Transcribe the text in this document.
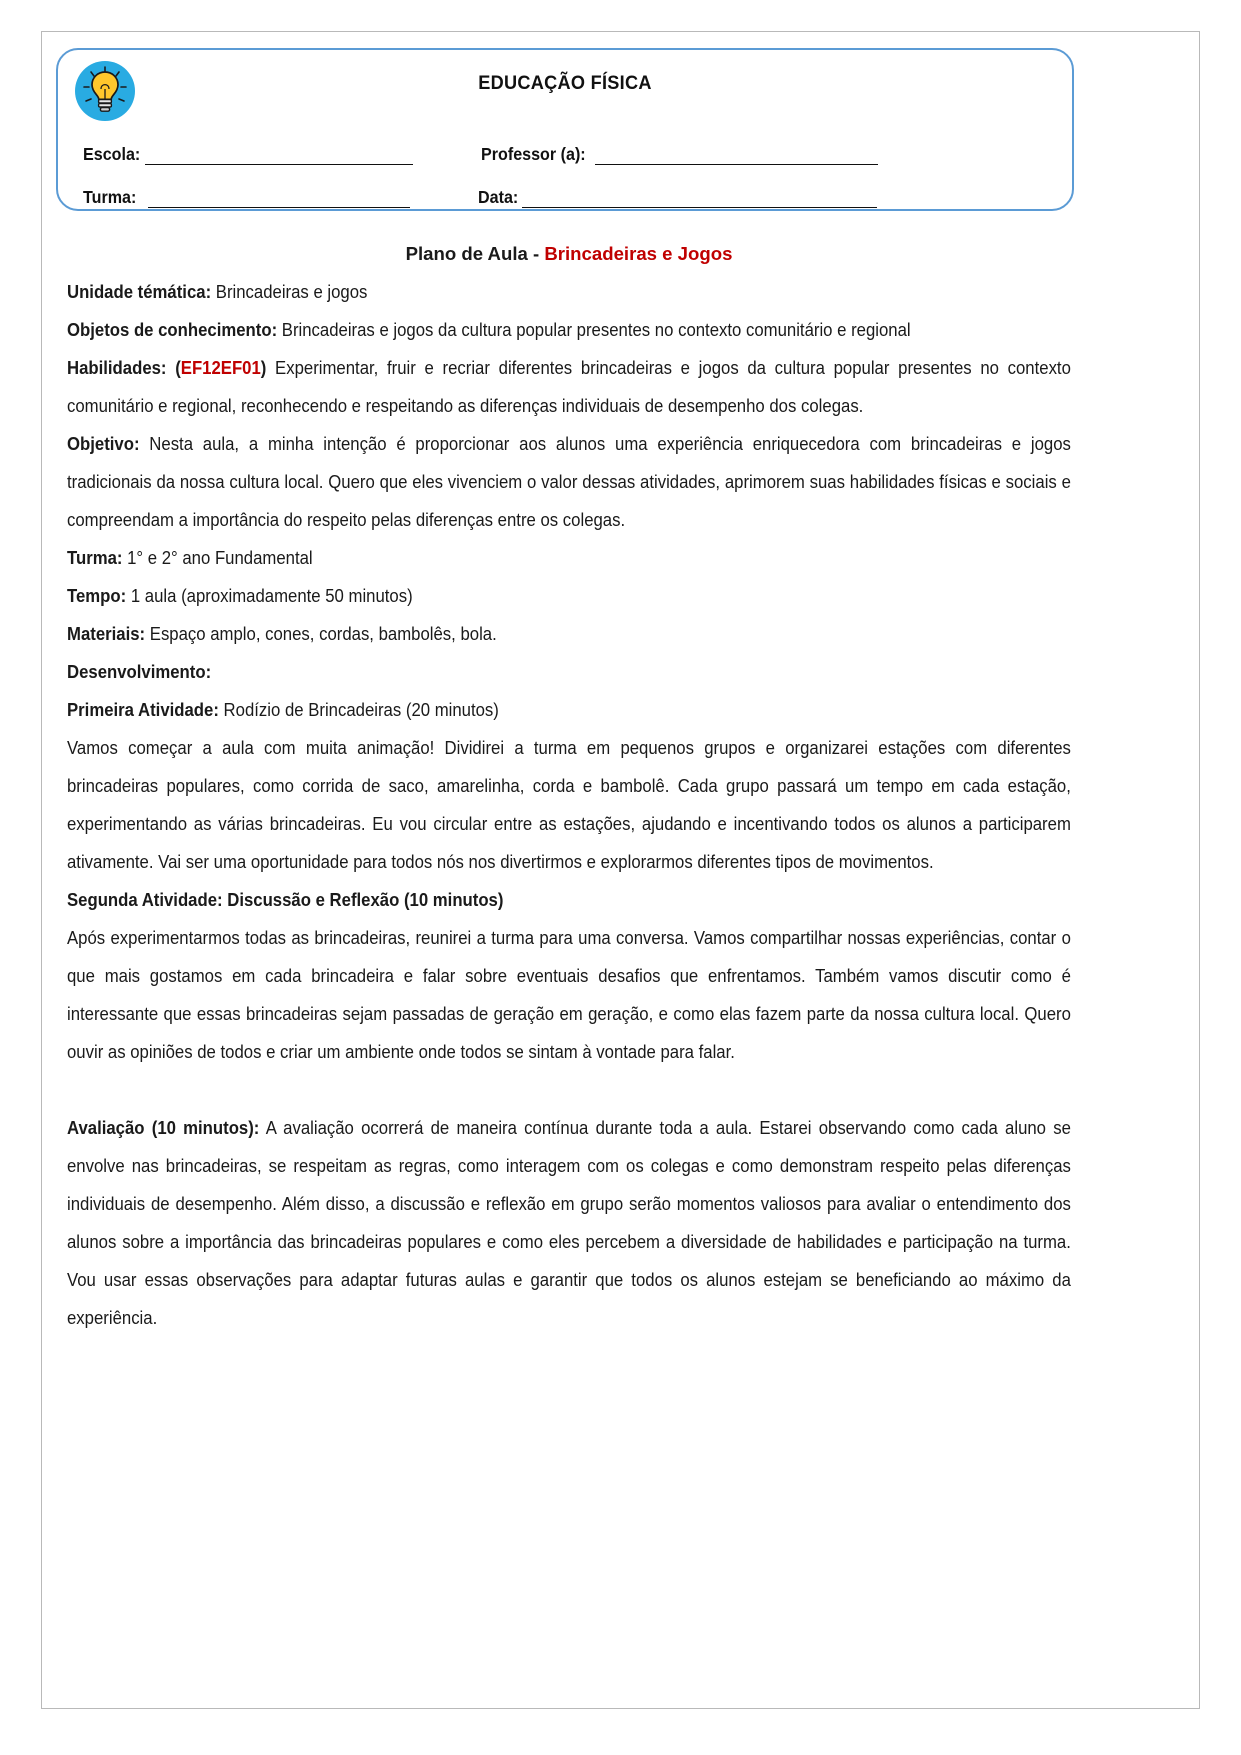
EDUCAÇÃO FÍSICA
Escola:	Professor (a):
Turma:	Data:

Plano de Aula - Brincadeiras e Jogos

Unidade témática: Brincadeiras e jogos

Objetos de conhecimento: Brincadeiras e jogos da cultura popular presentes no contexto comunitário e regional

Habilidades: (EF12EF01) Experimentar, fruir e recriar diferentes brincadeiras e jogos da cultura popular presentes no contexto comunitário e regional, reconhecendo e respeitando as diferenças individuais de desempenho dos colegas.

Objetivo: Nesta aula, a minha intenção é proporcionar aos alunos uma experiência enriquecedora com brincadeiras e jogos tradicionais da nossa cultura local. Quero que eles vivenciem o valor dessas atividades, aprimorem suas habilidades físicas e sociais e compreendam a importância do respeito pelas diferenças entre os colegas.

Turma: 1° e 2° ano Fundamental

Tempo: 1 aula (aproximadamente 50 minutos)

Materiais: Espaço amplo, cones, cordas, bambolês, bola.

Desenvolvimento:

Primeira Atividade: Rodízio de Brincadeiras (20 minutos)

Vamos começar a aula com muita animação! Dividirei a turma em pequenos grupos e organizarei estações com diferentes brincadeiras populares, como corrida de saco, amarelinha, corda e bambolê. Cada grupo passará um tempo em cada estação, experimentando as várias brincadeiras. Eu vou circular entre as estações, ajudando e incentivando todos os alunos a participarem ativamente. Vai ser uma oportunidade para todos nós nos divertirmos e explorarmos diferentes tipos de movimentos.

Segunda Atividade: Discussão e Reflexão (10 minutos)

Após experimentarmos todas as brincadeiras, reunirei a turma para uma conversa. Vamos compartilhar nossas experiências, contar o que mais gostamos em cada brincadeira e falar sobre eventuais desafios que enfrentamos. Também vamos discutir como é interessante que essas brincadeiras sejam passadas de geração em geração, e como elas fazem parte da nossa cultura local. Quero ouvir as opiniões de todos e criar um ambiente onde todos se sintam à vontade para falar.

Avaliação (10 minutos): A avaliação ocorrerá de maneira contínua durante toda a aula. Estarei observando como cada aluno se envolve nas brincadeiras, se respeitam as regras, como interagem com os colegas e como demonstram respeito pelas diferenças individuais de desempenho. Além disso, a discussão e reflexão em grupo serão momentos valiosos para avaliar o entendimento dos alunos sobre a importância das brincadeiras populares e como eles percebem a diversidade de habilidades e participação na turma. Vou usar essas observações para adaptar futuras aulas e garantir que todos os alunos estejam se beneficiando ao máximo da experiência.
